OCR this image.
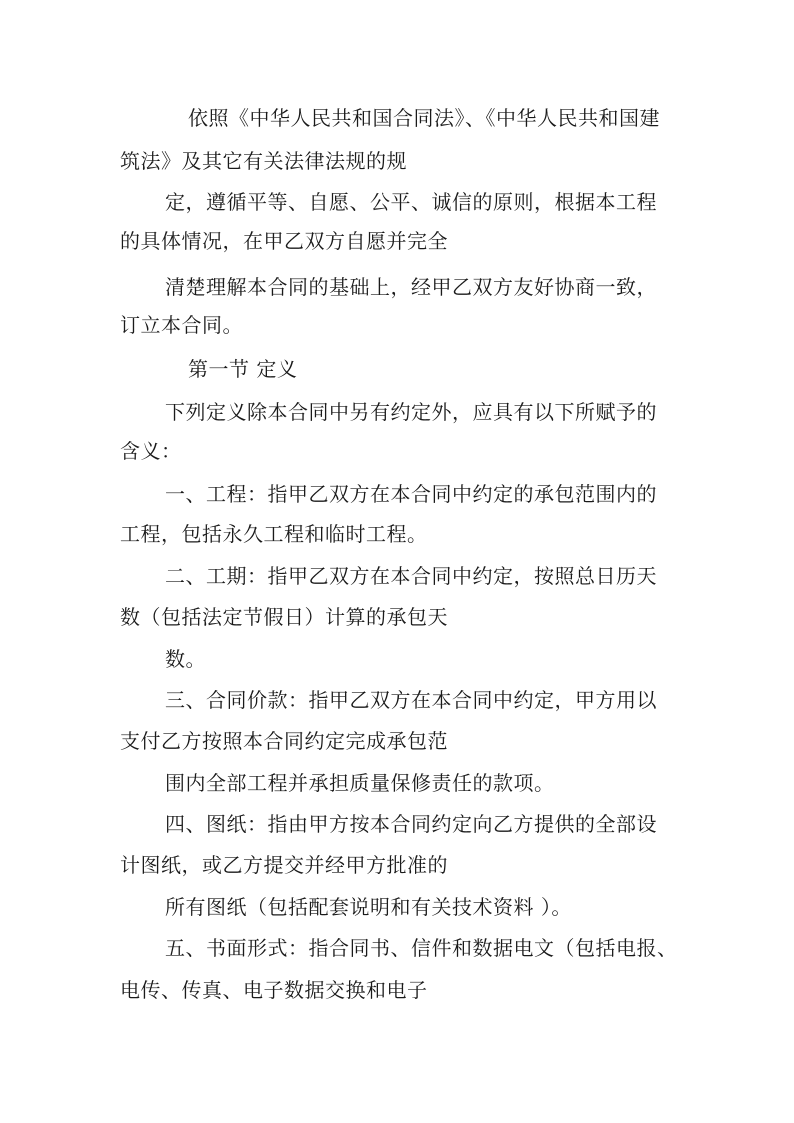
依照《中华人民共和国合同法》、《中华人民共和国建
筑法》及其它有关法律法规的规
定，遵循平等、自愿、公平、诚信的原则，根据本工程
的具体情况，在甲乙双方自愿并完全
清楚理解本合同的基础上，经甲乙双方友好协商一致，
订立本合同。
第一节 定义
下列定义除本合同中另有约定外，应具有以下所赋予的
含义：
一、工程：指甲乙双方在本合同中约定的承包范围内的
工程，包括永久工程和临时工程。
二、工期：指甲乙双方在本合同中约定，按照总日历天
数（包括法定节假日）计算的承包天
数。
三、合同价款：指甲乙双方在本合同中约定，甲方用以
支付乙方按照本合同约定完成承包范
围内全部工程并承担质量保修责任的款项。
四、图纸：指由甲方按本合同约定向乙方提供的全部设
计图纸，或乙方提交并经甲方批准的
所有图纸（包括配套说明和有关技术资料 ）。
五、书面形式：指合同书、信件和数据电文（包括电报、
电传、传真、电子数据交换和电子
